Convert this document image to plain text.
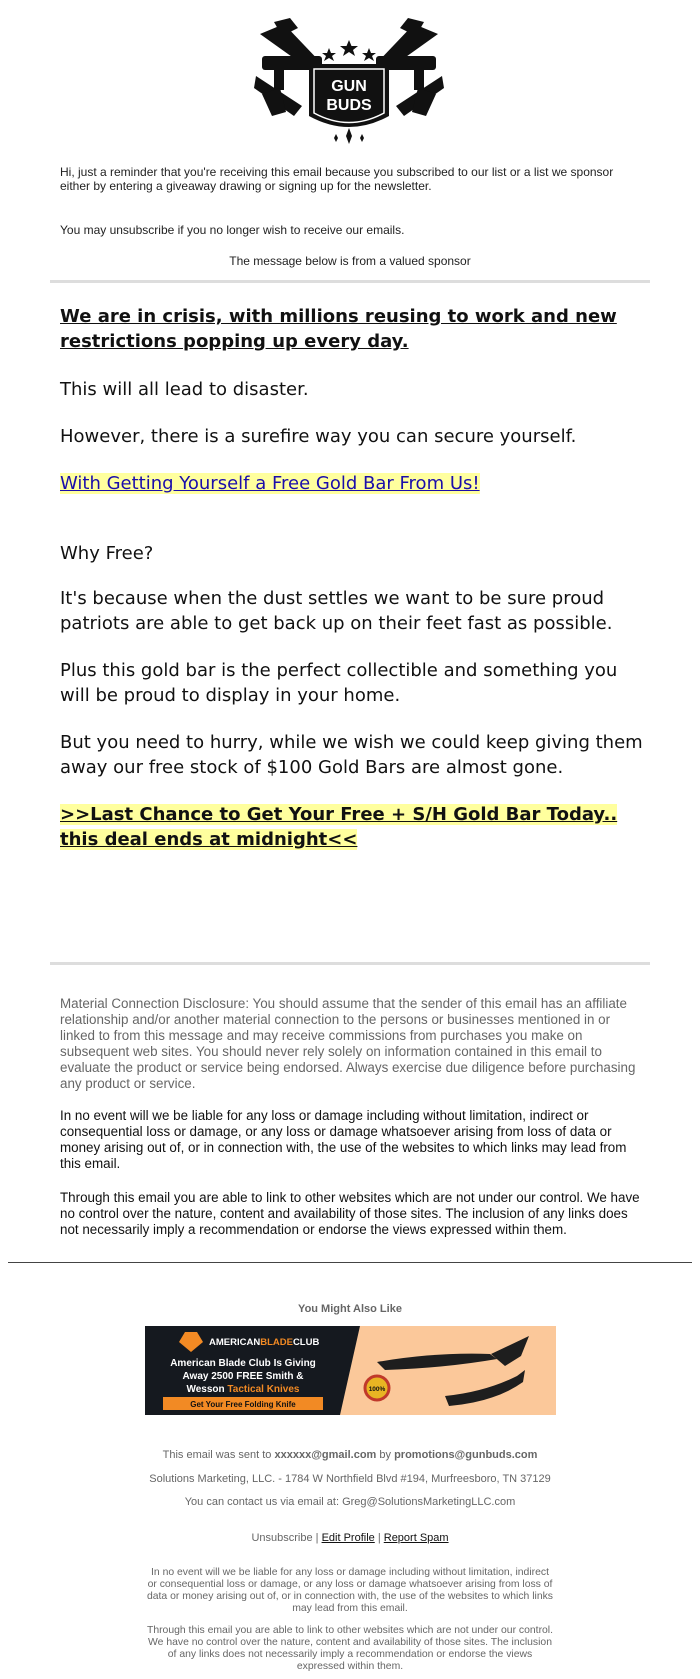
GUN
BUDS
Hi, just a reminder that you're receiving this email because you subscribed to our list or a list we sponsor either by entering a giveaway drawing or signing up for the newsletter.
You may unsubscribe if you no longer wish to receive our emails.
The message below is from a valued sponsor

We are in crisis, with millions reusing to work and new restrictions popping up every day.

This will all lead to disaster.

However, there is a surefire way you can secure yourself.

With Getting Yourself a Free Gold Bar From Us!

Why Free?

It's because when the dust settles we want to be sure proud patriots are able to get back up on their feet fast as possible.

Plus this gold bar is the perfect collectible and something you will be proud to display in your home.

But you need to hurry, while we wish we could keep giving them away our free stock of $100 Gold Bars are almost gone.

>>Last Chance to Get Your Free + S/H Gold Bar Today.. this deal ends at midnight<<

Material Connection Disclosure: You should assume that the sender of this email has an affiliate relationship and/or another material connection to the persons or businesses mentioned in or linked to from this message and may receive commissions from purchases you make on subsequent web sites. You should never rely solely on information contained in this email to evaluate the product or service being endorsed. Always exercise due diligence before purchasing any product or service.

In no event will we be liable for any loss or damage including without limitation, indirect or consequential loss or damage, or any loss or damage whatsoever arising from loss of data or money arising out of, or in connection with, the use of the websites to which links may lead from this email.

Through this email you are able to link to other websites which are not under our control. We have no control over the nature, content and availability of those sites. The inclusion of any links does not necessarily imply a recommendation or endorse the views expressed within them.

You Might Also Like
AMERICANBLADECLUB
American Blade Club Is Giving
Away 2500 FREE Smith &
Wesson Tactical Knives
Get Your Free Folding Knife
100%
This email was sent to xxxxxx@gmail.com by promotions@gunbuds.com
Solutions Marketing, LLC. - 1784 W Northfield Blvd #194, Murfreesboro, TN 37129
You can contact us via email at: Greg@SolutionsMarketingLLC.com
Unsubscribe | Edit Profile | Report Spam

In no event will we be liable for any loss or damage including without limitation, indirect or consequential loss or damage, or any loss or damage whatsoever arising from loss of data or money arising out of, or in connection with, the use of the websites to which links may lead from this email.

Through this email you are able to link to other websites which are not under our control. We have no control over the nature, content and availability of those sites. The inclusion of any links does not necessarily imply a recommendation or endorse the views expressed within them.
